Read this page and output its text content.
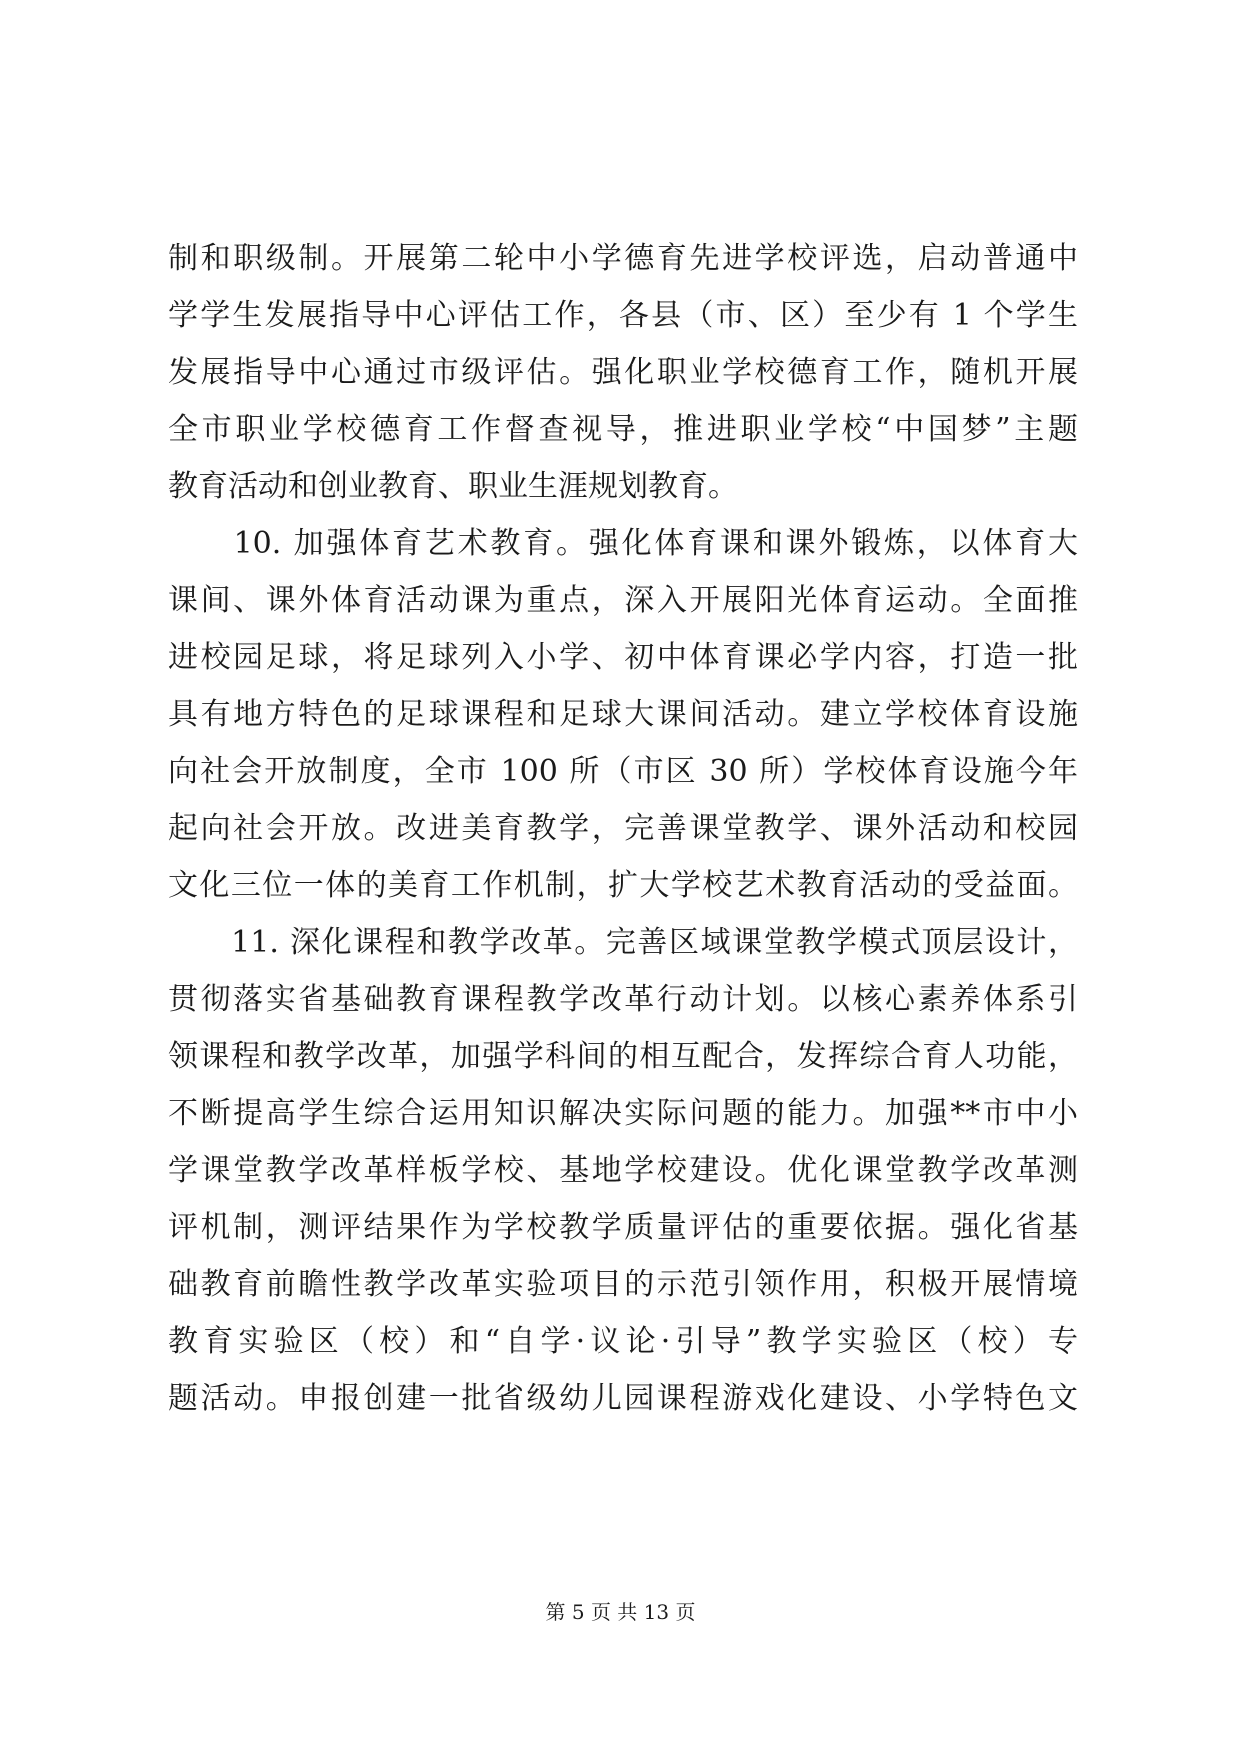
制和职级制。开展第二轮中小学德育先进学校评选，启动普通中
学学生发展指导中心评估工作，各县（市、区）至少有 1 个学生
发展指导中心通过市级评估。强化职业学校德育工作，随机开展
全市职业学校德育工作督查视导，推进职业学校“中国梦”主题
教育活动和创业教育、职业生涯规划教育。
　　10. 加强体育艺术教育。强化体育课和课外锻炼，以体育大
课间、课外体育活动课为重点，深入开展阳光体育运动。全面推
进校园足球，将足球列入小学、初中体育课必学内容，打造一批
具有地方特色的足球课程和足球大课间活动。建立学校体育设施
向社会开放制度，全市 100 所（市区 30 所）学校体育设施今年
起向社会开放。改进美育教学，完善课堂教学、课外活动和校园
文化三位一体的美育工作机制，扩大学校艺术教育活动的受益面。
　　11. 深化课程和教学改革。完善区域课堂教学模式顶层设计，
贯彻落实省基础教育课程教学改革行动计划。以核心素养体系引
领课程和教学改革，加强学科间的相互配合，发挥综合育人功能，
不断提高学生综合运用知识解决实际问题的能力。加强**市中小
学课堂教学改革样板学校、基地学校建设。优化课堂教学改革测
评机制，测评结果作为学校教学质量评估的重要依据。强化省基
础教育前瞻性教学改革实验项目的示范引领作用，积极开展情境
教育实验区（校）和“自学·议论·引导”教学实验区（校）专
题活动。申报创建一批省级幼儿园课程游戏化建设、小学特色文
第 5 页 共 13 页
